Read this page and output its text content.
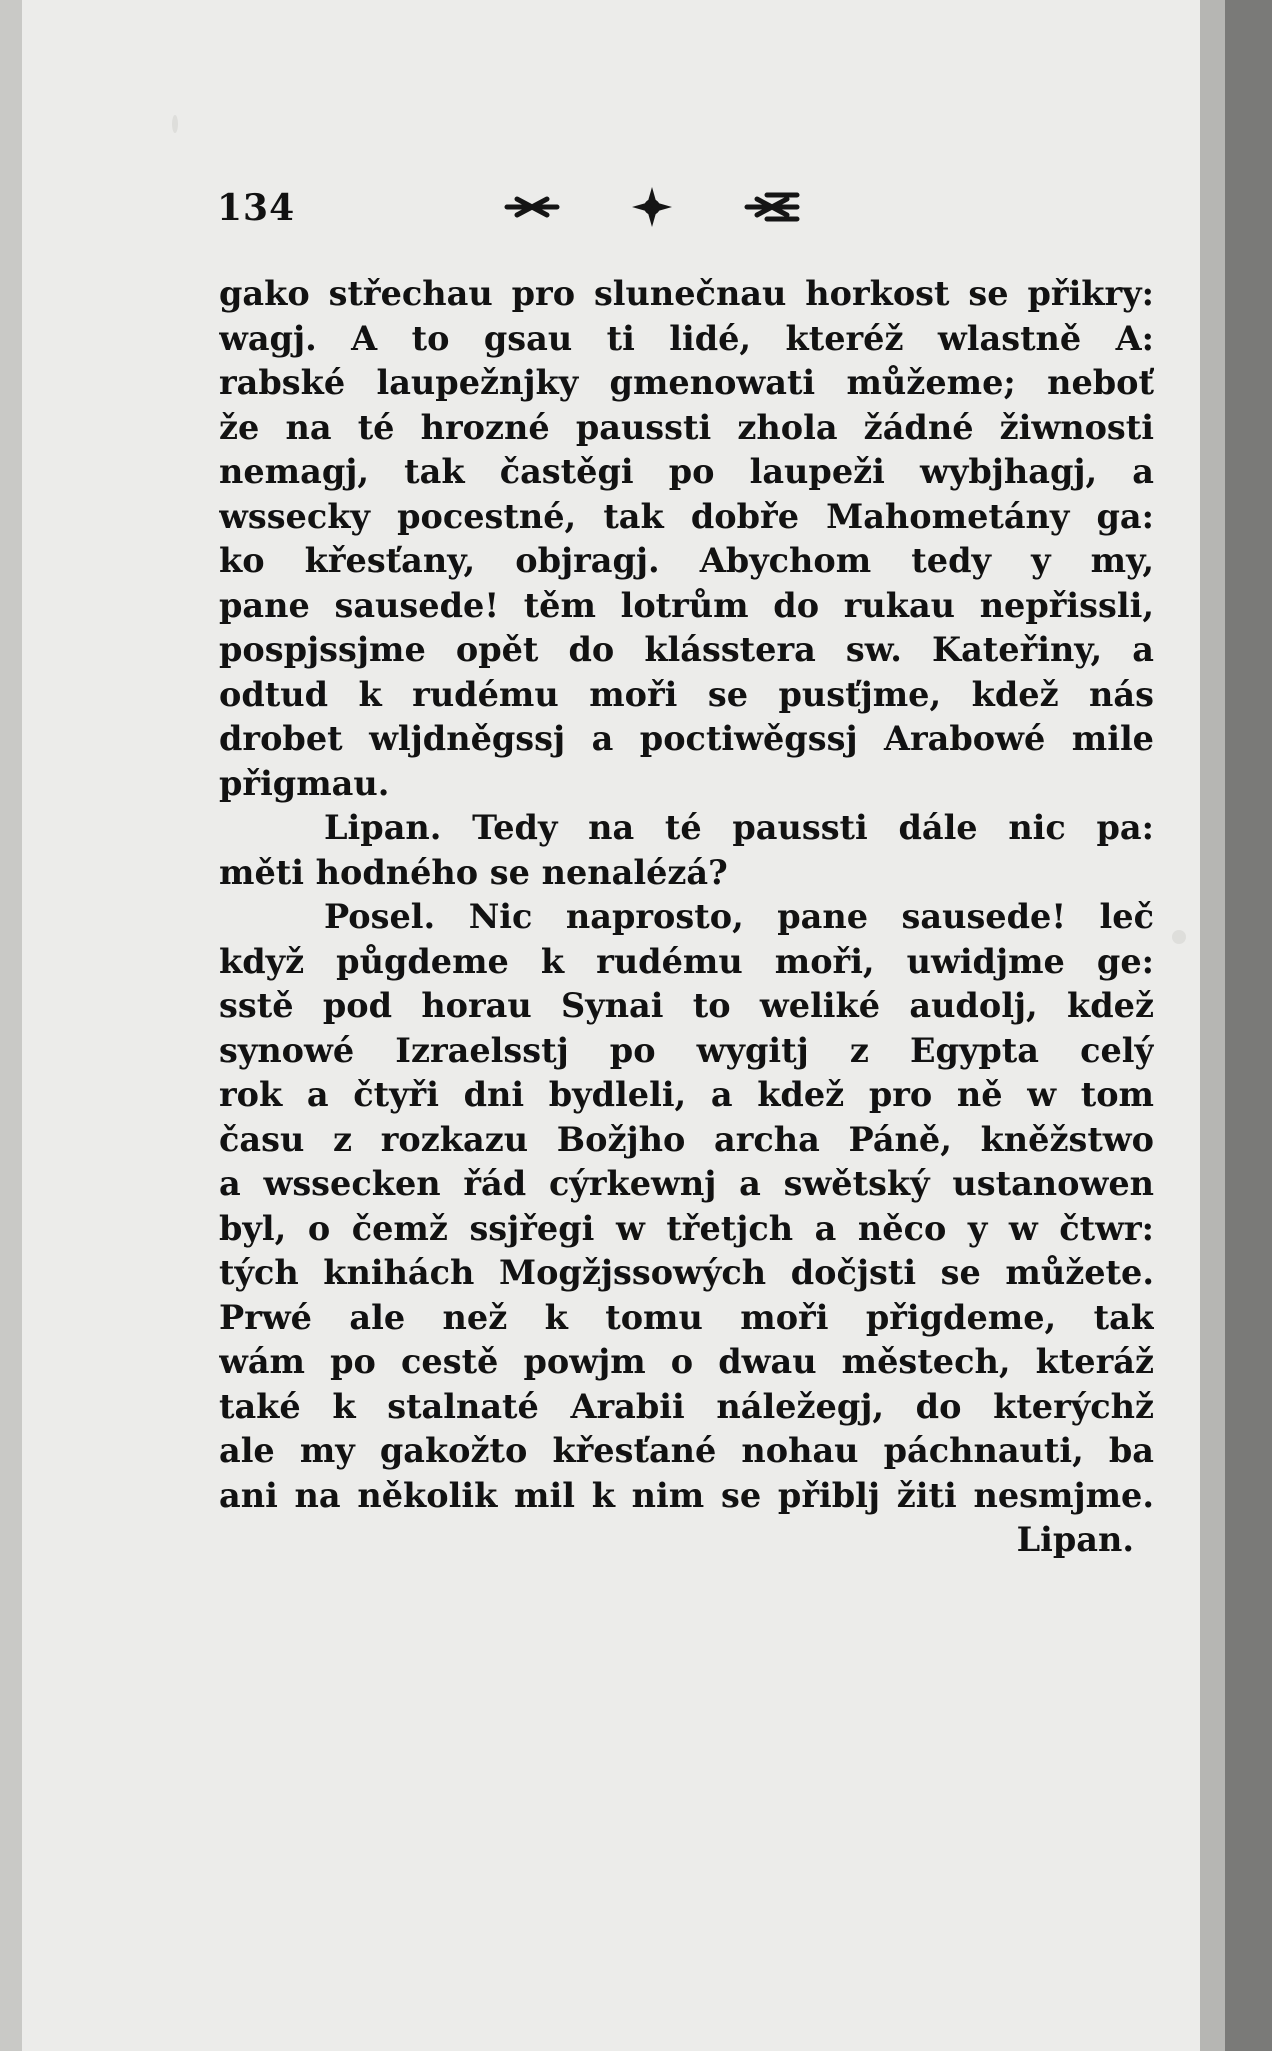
134
gako střechau pro slunečnau horkost se přikry:
wagj. A to gsau ti lidé, kteréž wlastně A:
rabské laupežnjky gmenowati můžeme; neboť
že na té hrozné paussti zhola žádné žiwnosti
nemagj, tak častěgi po laupeži wybjhagj, a
wssecky pocestné, tak dobře Mahometány ga:
ko křesťany, objragj. Abychom tedy y my,
pane sausede! těm lotrům do rukau nepřissli,
pospjssjme opět do klásstera sw. Kateřiny, a
odtud k rudému moři se pusťjme, kdež nás
drobet wljdněgssj a poctiwěgssj Arabowé mile
přigmau.
Lipan. Tedy na té paussti dále nic pa:
měti hodného se nenalézá?
Posel. Nic naprosto, pane sausede! leč
když půgdeme k rudému moři, uwidjme ge:
sstě pod horau Synai to weliké audolj, kdež
synowé Izraelsstj po wygitj z Egypta celý
rok a čtyři dni bydleli, a kdež pro ně w tom
času z rozkazu Božjho archa Páně, kněžstwo
a wssecken řád cýrkewnj a swětský ustanowen
byl, o čemž ssjřegi w třetjch a něco y w čtwr:
tých knihách Mogžjssowých dočjsti se můžete.
Prwé ale než k tomu moři přigdeme, tak
wám po cestě powjm o dwau městech, kteráž
také k stalnaté Arabii náležegj, do kterýchž
ale my gakožto křesťané nohau páchnauti, ba
ani na několik mil k nim se přiblj žiti nesmjme.
Lipan.
